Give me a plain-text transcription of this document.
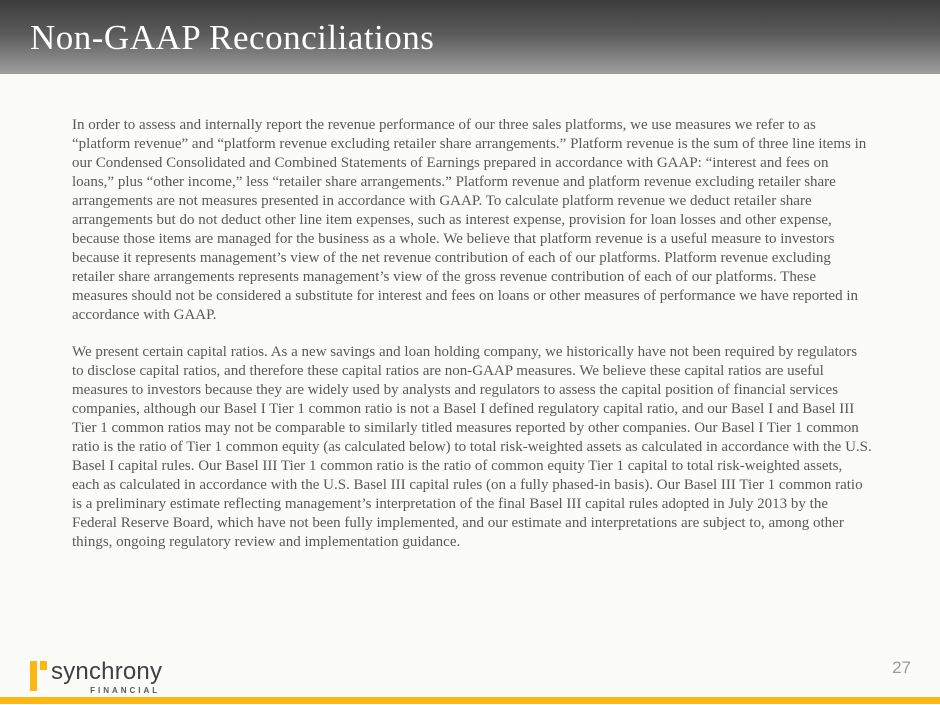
Non-GAAP Reconciliations

In order to assess and internally report the revenue performance of our three sales platforms, we use measures we refer to as “platform revenue” and “platform revenue excluding retailer share arrangements.” Platform revenue is the sum of three line items in our Condensed Consolidated and Combined Statements of Earnings prepared in accordance with GAAP: “interest and fees on loans,” plus “other income,” less “retailer share arrangements.” Platform revenue and platform revenue excluding retailer share arrangements are not measures presented in accordance with GAAP. To calculate platform revenue we deduct retailer share arrangements but do not deduct other line item expenses, such as interest expense, provision for loan losses and other expense, because those items are managed for the business as a whole. We believe that platform revenue is a useful measure to investors because it represents management’s view of the net revenue contribution of each of our platforms. Platform revenue excluding retailer share arrangements represents management’s view of the gross revenue contribution of each of our platforms. These measures should not be considered a substitute for interest and fees on loans or other measures of performance we have reported in accordance with GAAP.

We present certain capital ratios. As a new savings and loan holding company, we historically have not been required by regulators to disclose capital ratios, and therefore these capital ratios are non-GAAP measures. We believe these capital ratios are useful measures to investors because they are widely used by analysts and regulators to assess the capital position of financial services companies, although our Basel I Tier 1 common ratio is not a Basel I defined regulatory capital ratio, and our Basel I and Basel III Tier 1 common ratios may not be comparable to similarly titled measures reported by other companies. Our Basel I Tier 1 common ratio is the ratio of Tier 1 common equity (as calculated below) to total risk-weighted assets as calculated in accordance with the U.S. Basel I capital rules. Our Basel III Tier 1 common ratio is the ratio of common equity Tier 1 capital to total risk-weighted assets, each as calculated in accordance with the U.S. Basel III capital rules (on a fully phased-in basis). Our Basel III Tier 1 common ratio is a preliminary estimate reflecting management’s interpretation of the final Basel III capital rules adopted in July 2013 by the Federal Reserve Board, which have not been fully implemented, and our estimate and interpretations are subject to, among other things, ongoing regulatory review and implementation guidance.

synchrony
FINANCIAL
27
